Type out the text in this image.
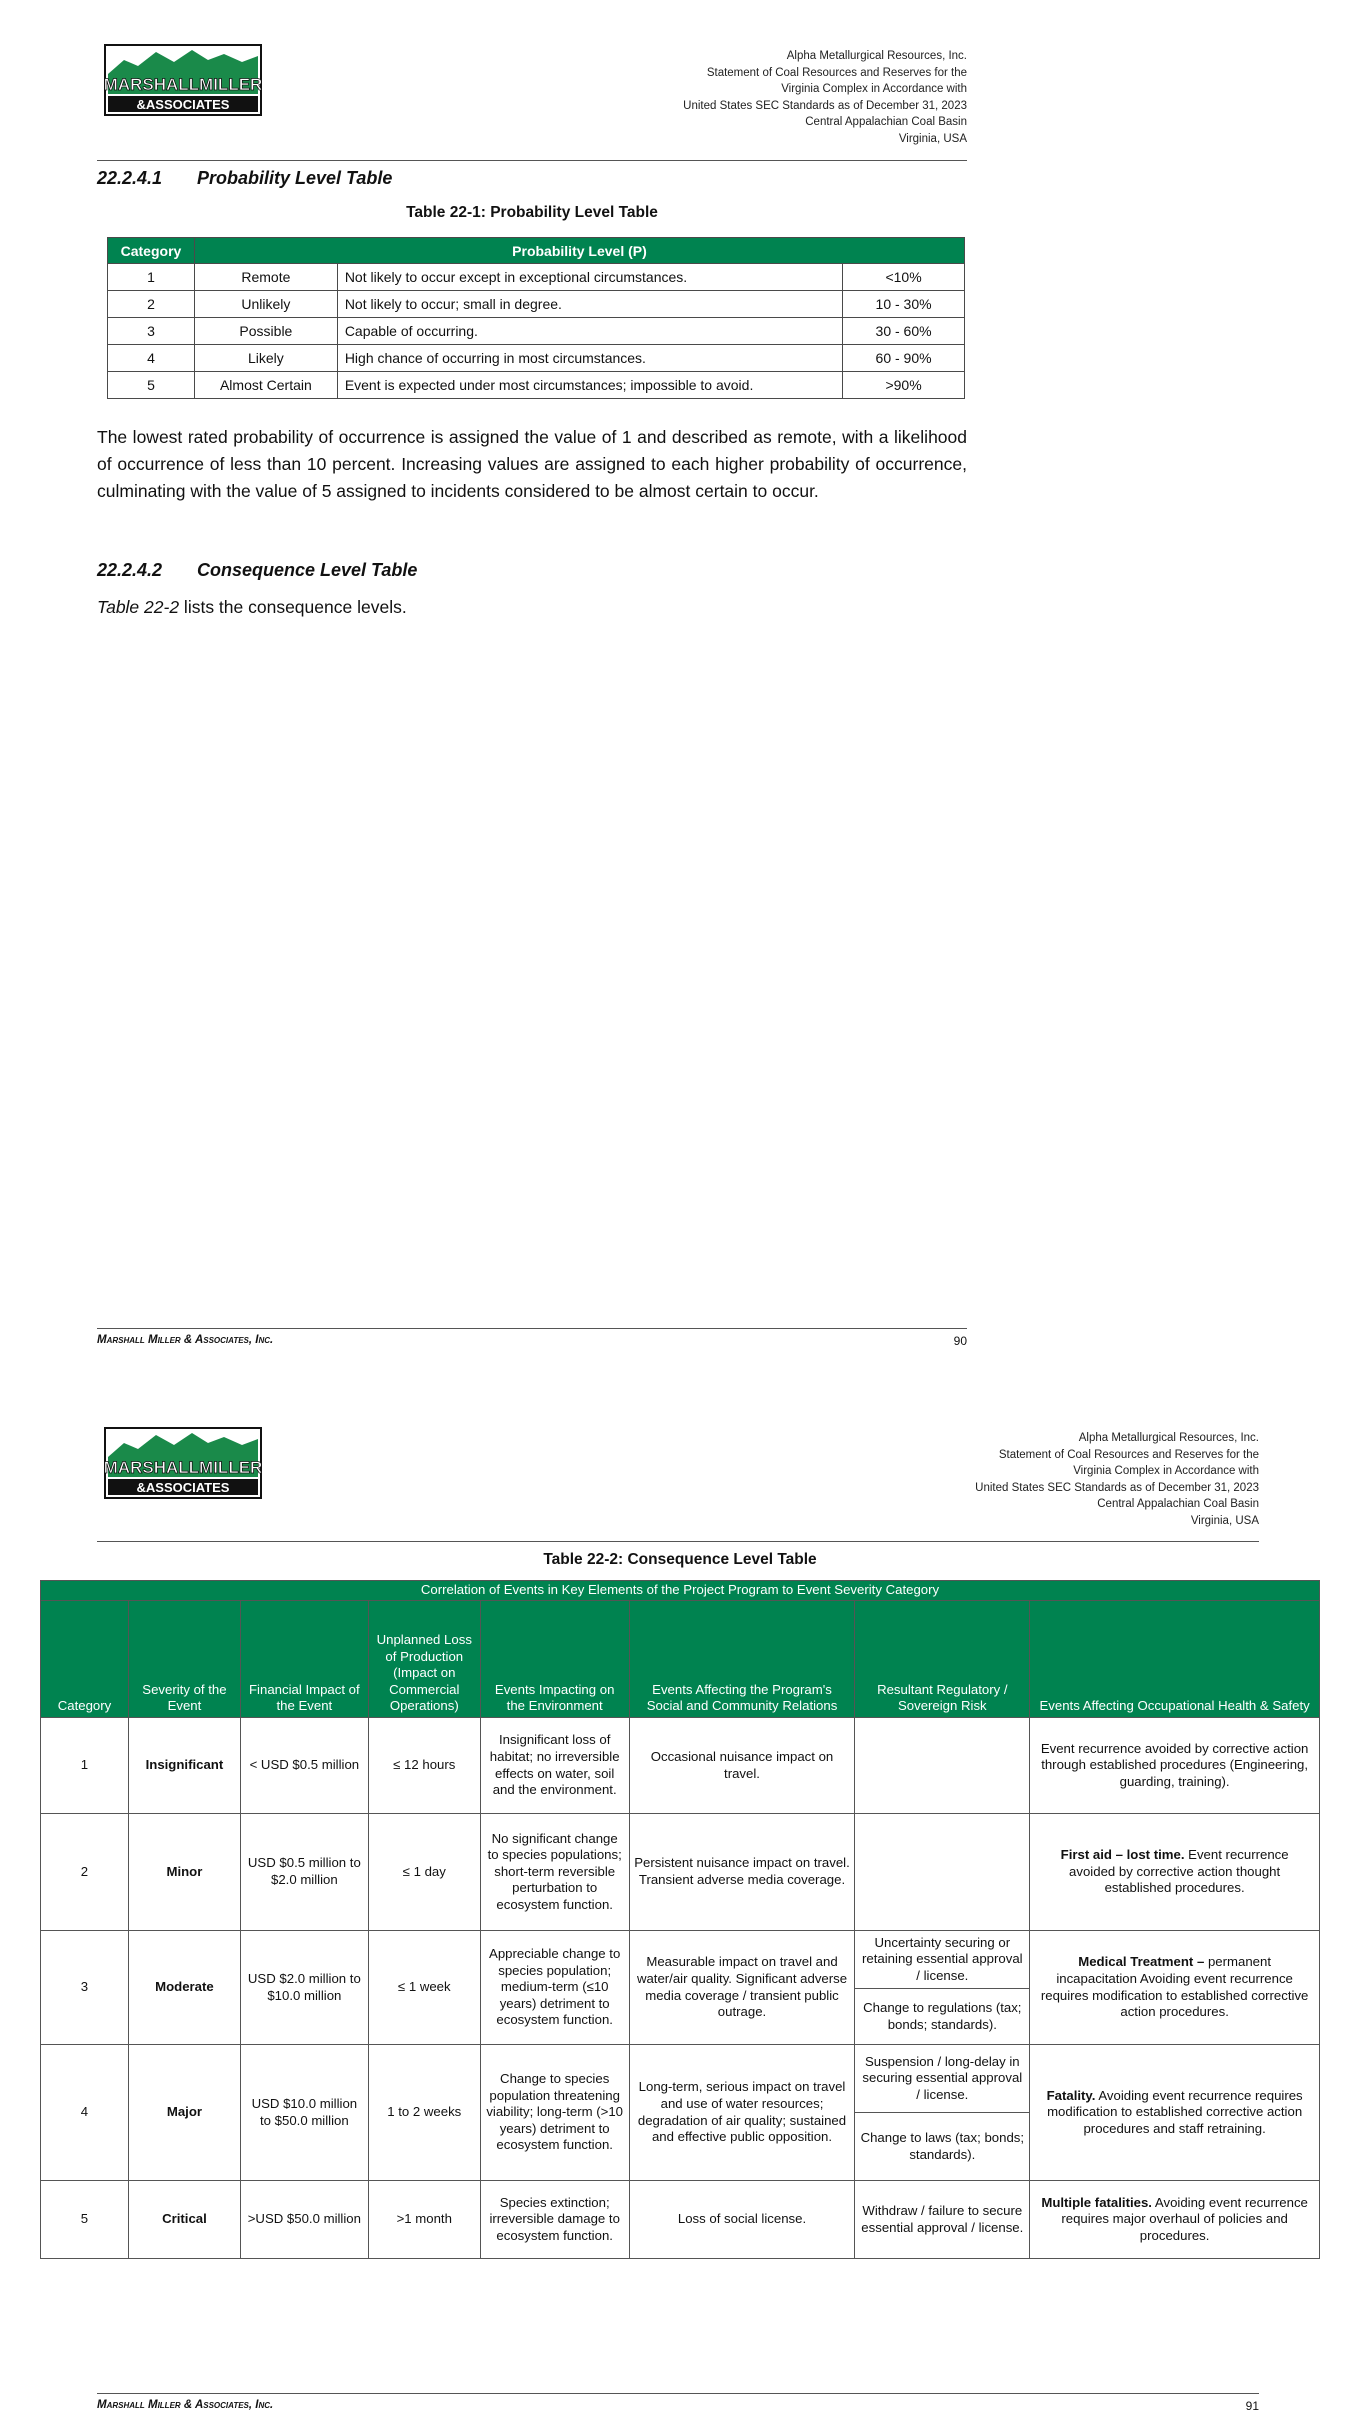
MARSHALLMILLER
&ASSOCIATES
Alpha Metallurgical Resources, Inc.
Statement of Coal Resources and Reserves for the
Virginia Complex in Accordance with
United States SEC Standards as of December 31, 2023
Central Appalachian Coal Basin
Virginia, USA
22.2.4.1 Probability Level Table
Table 22-1: Probability Level Table
Category	Probability Level (P)		
1	Remote	Not likely to occur except in exceptional circumstances.	<10%
2	Unlikely	Not likely to occur; small in degree.	10 - 30%
3	Possible	Capable of occurring.	30 - 60%
4	Likely	High chance of occurring in most circumstances.	60 - 90%
5	Almost Certain	Event is expected under most circumstances; impossible to avoid.	>90%

The lowest rated probability of occurrence is assigned the value of 1 and described as remote, with a likelihood of occurrence of less than 10 percent. Increasing values are assigned to each higher probability of occurrence, culminating with the value of 5 assigned to incidents considered to be almost certain to occur.

22.2.4.2 Consequence Level Table

Table 22-2 lists the consequence levels.

Marshall Miller & Associates, Inc.	90
MARSHALLMILLER
&ASSOCIATES
Alpha Metallurgical Resources, Inc.
Statement of Coal Resources and Reserves for the
Virginia Complex in Accordance with
United States SEC Standards as of December 31, 2023
Central Appalachian Coal Basin
Virginia, USA
Table 22-2: Consequence Level Table
Correlation of Events in Key Elements of the Project Program to Event Severity Category							
Category	Severity of the Event	Financial Impact of the Event	Unplanned Loss of Production (Impact on Commercial Operations)	Events Impacting on the Environment	Events Affecting the Program's Social and Community Relations	Resultant Regulatory / Sovereign Risk	Events Affecting Occupational Health & Safety
1	Insignificant	< USD $0.5 million	≤ 12 hours	Insignificant loss of habitat; no irreversible effects on water, soil and the environment.	Occasional nuisance impact on travel.		Event recurrence avoided by corrective action through established procedures (Engineering, guarding, training).
2	Minor	USD $0.5 million to $2.0 million	≤ 1 day	No significant change to species populations; short-term reversible perturbation to ecosystem function.	Persistent nuisance impact on travel. Transient adverse media coverage.		First aid – lost time. Event recurrence avoided by corrective action thought established procedures.
3	Moderate	USD $2.0 million to $10.0 million	≤ 1 week	Appreciable change to species population; medium-term (≤10 years) detriment to ecosystem function.	Measurable impact on travel and water/air quality. Significant adverse media coverage / transient public outrage.	Uncertainty securing or retaining essential approval / license.	Medical Treatment – permanent incapacitation Avoiding event recurrence requires modification to established corrective action procedures.
						Change to regulations (tax; bonds; standards).	
4	Major	USD $10.0 million to $50.0 million	1 to 2 weeks	Change to species population threatening viability; long-term (>10 years) detriment to ecosystem function.	Long-term, serious impact on travel and use of water resources; degradation of air quality; sustained and effective public opposition.	Suspension / long-delay in securing essential approval / license.	Fatality. Avoiding event recurrence requires modification to established corrective action procedures and staff retraining.
						Change to laws (tax; bonds; standards).	
5	Critical	>USD $50.0 million	>1 month	Species extinction; irreversible damage to ecosystem function.	Loss of social license.	Withdraw / failure to secure essential approval / license.	Multiple fatalities. Avoiding event recurrence requires major overhaul of policies and procedures.
Marshall Miller & Associates, Inc.	91
